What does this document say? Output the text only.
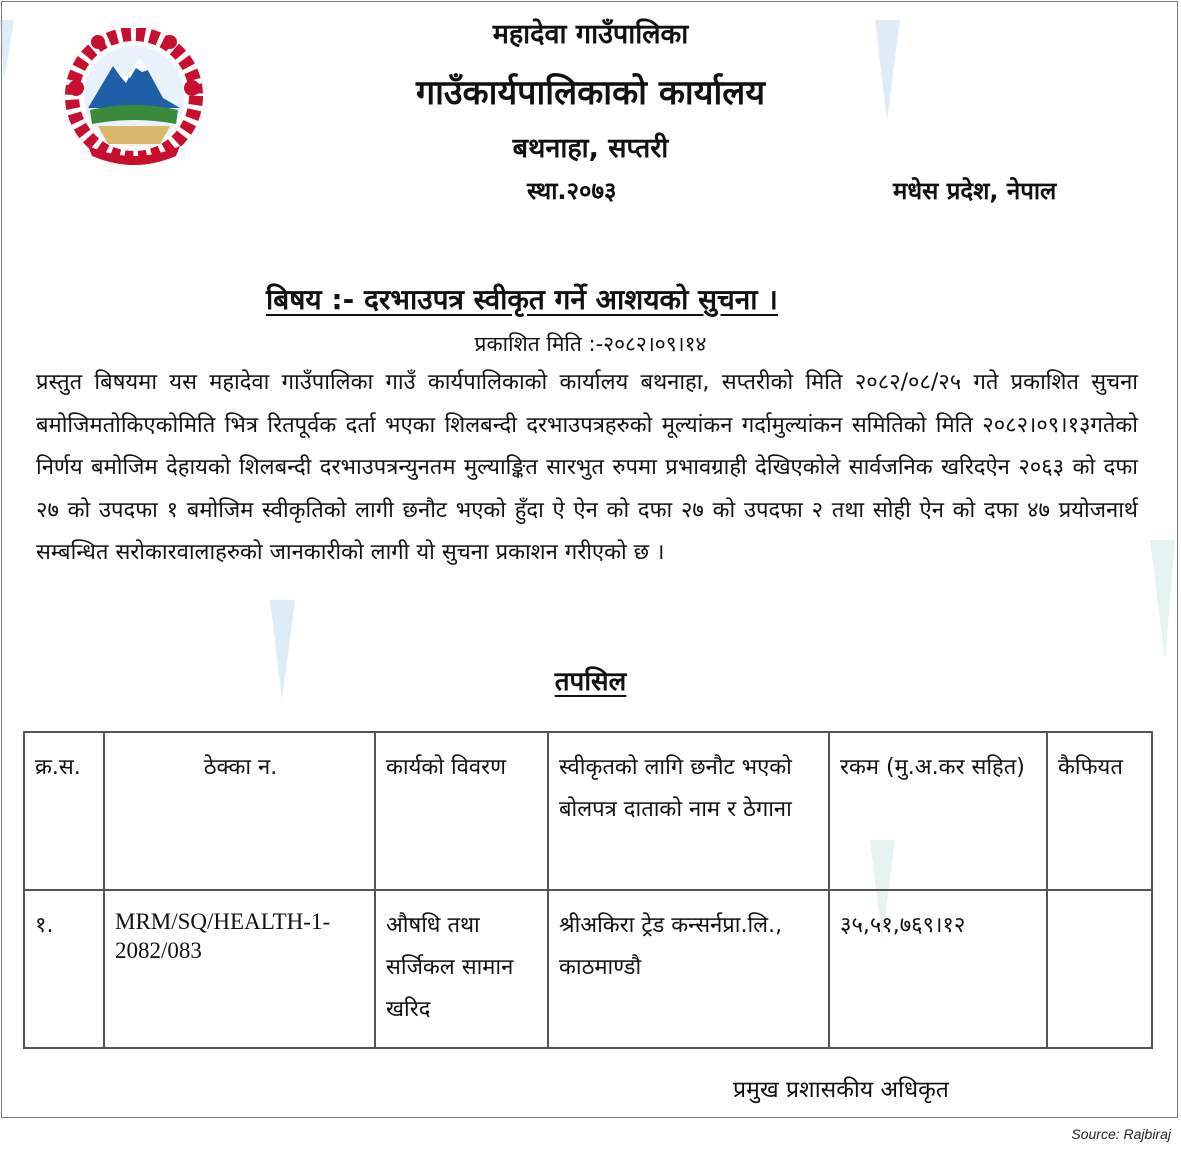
महादेवा गाउँपालिका
गाउँकार्यपालिकाको कार्यालय
बथनाहा, सप्तरी
स्था.२०७३	मधेस प्रदेश, नेपाल
बिषय :- दरभाउपत्र स्वीकृत गर्ने आशयको सुचना ।
प्रकाशित मिति :-२०८२।०९।१४

प्रस्तुत बिषयमा यस महादेवा गाउँपालिका गाउँ कार्यपालिकाको कार्यालय बथनाहा, सप्तरीको मिति २०८२/०८/२५ गते प्रकाशित सुचना बमोजिमतोकिएकोमिति भित्र रितपूर्वक दर्ता भएका शिलबन्दी दरभाउपत्रहरुको मूल्यांकन गर्दामुल्यांकन समितिको मिति २०८२।०९।१३गतेको निर्णय बमोजिम देहायको शिलबन्दी दरभाउपत्रन्युनतम मुल्याङ्कित सारभुत रुपमा प्रभावग्राही देखिएकोले सार्वजनिक खरिदऐन २०६३ को दफा २७ को उपदफा १ बमोजिम स्वीकृतिको लागी छनौट भएको हुँदा ऐ ऐन को दफा २७ को उपदफा २ तथा सोही ऐन को दफा ४७ प्रयोजनार्थ सम्बन्धित सरोकारवालाहरुको जानकारीको लागी यो सुचना प्रकाशन गरीएको छ ।

तपसिल
क्र.स.	ठेक्का न.	कार्यको विवरण	स्वीकृतको लागि छनौट भएको बोलपत्र दाताको नाम र ठेगाना	रकम (मु.अ.कर सहित)	कैफियत
१.	MRM/SQ/HEALTH-1-2082/083	औषधि तथा सर्जिकल सामान खरिद	श्रीअकिरा ट्रेड कन्सर्नप्रा.लि., काठमाण्डौ	३५,५१,७६९।१२	
प्रमुख प्रशासकीय अधिकृत
Source: Rajbiraj
